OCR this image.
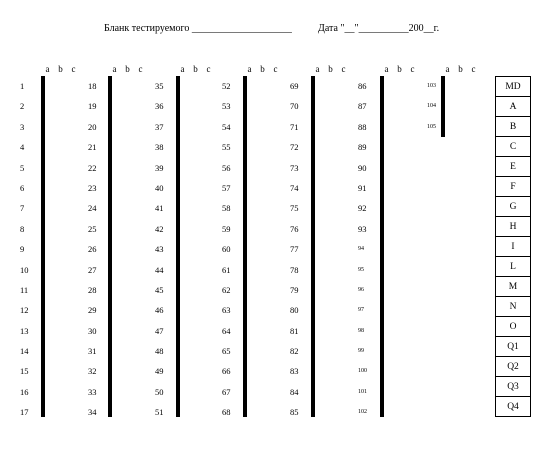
Бланк тестируемого ____________________	Дата "__"__________200__г.
a b c
1
2
3
4
5
6
7
8
9
10
11
12
13
14
15
16
17

a b c
18
19
20
21
22
23
24
25
26
27
28
29
30
31
32
33
34

a b c
35
36
37
38
39
40
41
42
43
44
45
46
47
48
49
50
51

a b c
52
53
54
55
56
57
58
59
60
61
62
63
64
65
66
67
68

a b c
69
70
71
72
73
74
75
76
77
78
79
80
81
82
83
84
85

a b c
86
87
88
89
90
91
92
93
94
95
96
97
98
99
100
101
102

a b c
103
104
105

MD
A
B
C
E
F
G
H
I
L
M
N
O
Q1
Q2
Q3
Q4
